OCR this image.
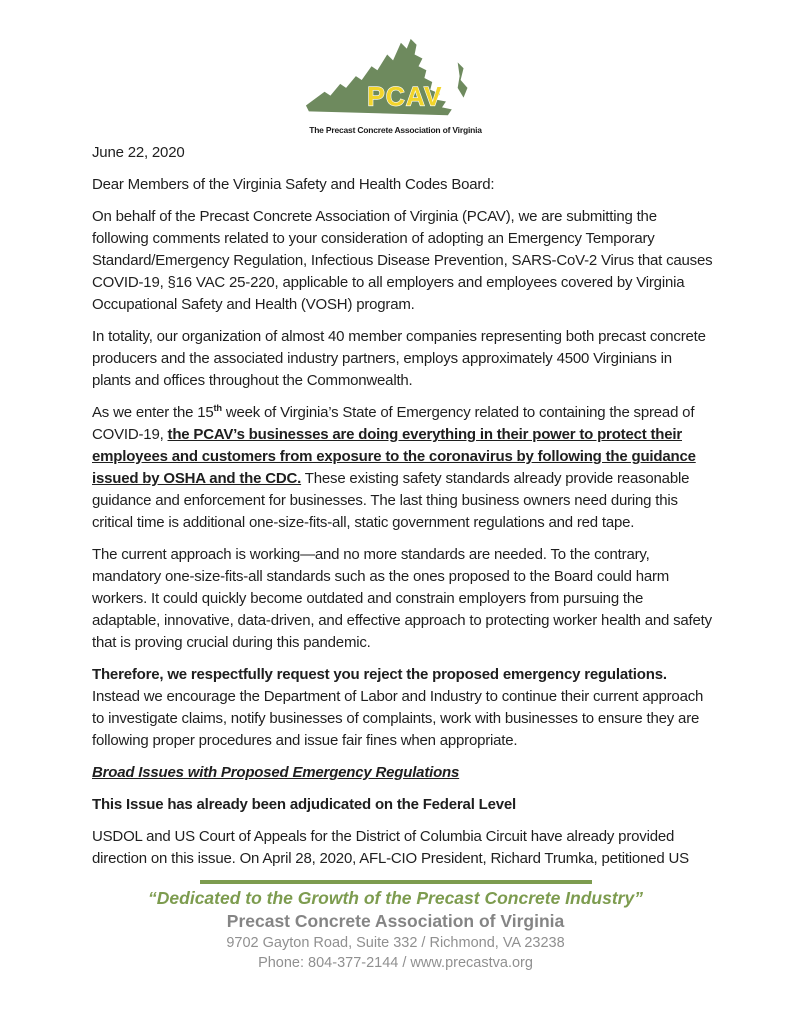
PCAV
The Precast Concrete Association of Virginia

June 22, 2020

Dear Members of the Virginia Safety and Health Codes Board:

On behalf of the Precast Concrete Association of Virginia (PCAV), we are submitting the following comments related to your consideration of adopting an Emergency Temporary Standard/Emergency Regulation, Infectious Disease Prevention, SARS-CoV-2 Virus that causes COVID-19, §16 VAC 25-220, applicable to all employers and employees covered by Virginia Occupational Safety and Health (VOSH) program.

In totality, our organization of almost 40 member companies representing both precast concrete producers and the associated industry partners, employs approximately 4500 Virginians in plants and offices throughout the Commonwealth.

As we enter the 15th week of Virginia’s State of Emergency related to containing the spread of COVID-19, the PCAV’s businesses are doing everything in their power to protect their employees and customers from exposure to the coronavirus by following the guidance issued by OSHA and the CDC. These existing safety standards already provide reasonable guidance and enforcement for businesses. The last thing business owners need during this critical time is additional one-size-fits-all, static government regulations and red tape.

The current approach is working—and no more standards are needed. To the contrary, mandatory one-size-fits-all standards such as the ones proposed to the Board could harm workers. It could quickly become outdated and constrain employers from pursuing the adaptable, innovative, data-driven, and effective approach to protecting worker health and safety that is proving crucial during this pandemic.

Therefore, we respectfully request you reject the proposed emergency regulations. Instead we encourage the Department of Labor and Industry to continue their current approach to investigate claims, notify businesses of complaints, work with businesses to ensure they are following proper procedures and issue fair fines when appropriate.

Broad Issues with Proposed Emergency Regulations

This Issue has already been adjudicated on the Federal Level

USDOL and US Court of Appeals for the District of Columbia Circuit have already provided direction on this issue. On April 28, 2020, AFL-CIO President, Richard Trumka, petitioned US

“Dedicated to the Growth of the Precast Concrete Industry”
Precast Concrete Association of Virginia
9702 Gayton Road, Suite 332 / Richmond, VA 23238
Phone: 804-377-2144 / www.precastva.org
